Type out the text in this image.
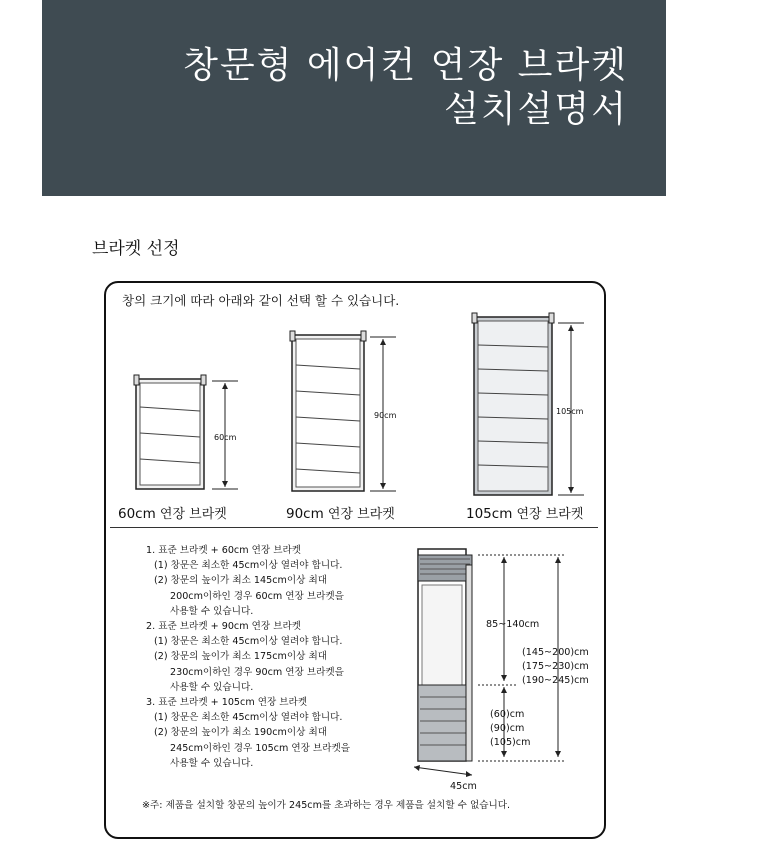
창문형 에어컨 연장 브라켓
설치설명서
브라켓 선정
창의 크기에 따라 아래와 같이 선택 할 수 있습니다.
60cm
90cm	105cm
60cm 연장 브라켓	90cm 연장 브라켓	105cm 연장 브라켓
1. 표준 브라켓 + 60cm 연장 브라켓
(1) 창문은 최소한 45cm이상 열려야 합니다.
(2) 창문의 높이가 최소 145cm이상 최대
200cm이하인 경우 60cm 연장 브라켓을
사용할 수 있습니다.
2. 표준 브라켓 + 90cm 연장 브라켓
(1) 창문은 최소한 45cm이상 열려야 합니다.
(2) 창문의 높이가 최소 175cm이상 최대
230cm이하인 경우 90cm 연장 브라켓을
사용할 수 있습니다.
3. 표준 브라켓 + 105cm 연장 브라켓
(1) 창문은 최소한 45cm이상 열려야 합니다.
(2) 창문의 높이가 최소 190cm이상 최대
245cm이하인 경우 105cm 연장 브라켓을
사용할 수 있습니다.
85~140cm
(145~200)cm
(175~230)cm
(190~245)cm
(60)cm
(90)cm
(105)cm
45cm
※주: 제품을 설치할 창문의 높이가 245cm를 초과하는 경우 제품을 설치할 수 없습니다.
